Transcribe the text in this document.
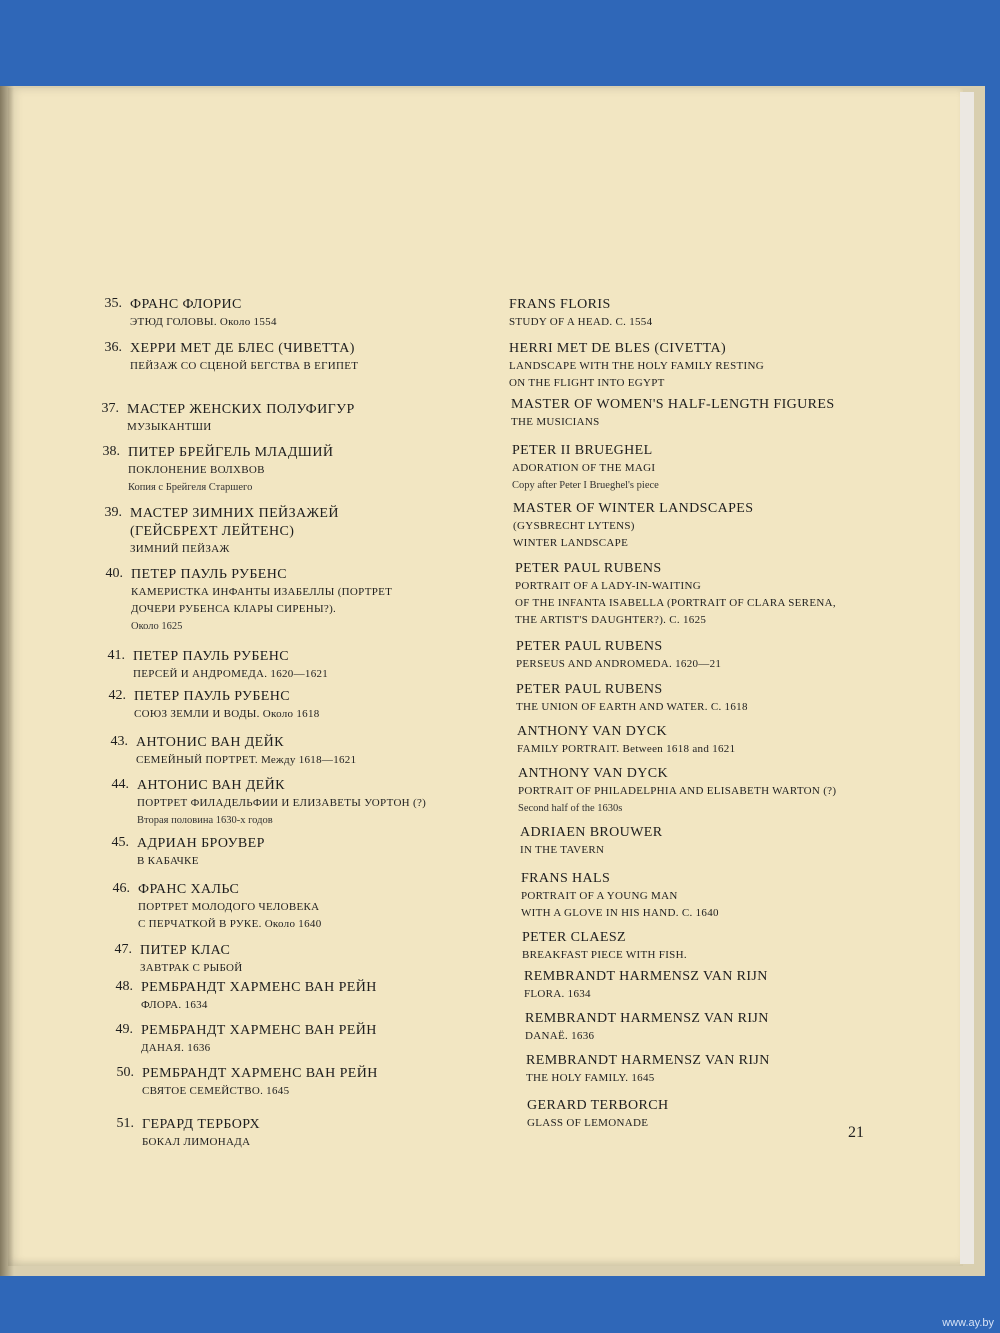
35. ФРАНС ФЛОРИС
ЭТЮД ГОЛОВЫ. Около 1554
36. ХЕРРИ МЕТ ДЕ БЛЕС (ЧИВЕТТА)
ПЕЙЗАЖ СО СЦЕНОЙ БЕГСТВА В ЕГИПЕТ
37. МАСТЕР ЖЕНСКИХ ПОЛУФИГУР
МУЗЫКАНТШИ
38. ПИТЕР БРЕЙГЕЛЬ МЛАДШИЙ
ПОКЛОНЕНИЕ ВОЛХВОВ
Копия с Брейгеля Старшего
39. МАСТЕР ЗИМНИХ ПЕЙЗАЖЕЙ
(ГЕЙСБРЕХТ ЛЕЙТЕНС)
ЗИМНИЙ ПЕЙЗАЖ
40. ПЕТЕР ПАУЛЬ РУБЕНС
КАМЕРИСТКА ИНФАНТЫ ИЗАБЕЛЛЫ (ПОРТРЕТ
ДОЧЕРИ РУБЕНСА КЛАРЫ СИРЕНЫ?).
Около 1625
41. ПЕТЕР ПАУЛЬ РУБЕНС
ПЕРСЕЙ И АНДРОМЕДА. 1620—1621
42. ПЕТЕР ПАУЛЬ РУБЕНС
СОЮЗ ЗЕМЛИ И ВОДЫ. Около 1618
43. АНТОНИС ВАН ДЕЙК
СЕМЕЙНЫЙ ПОРТРЕТ. Между 1618—1621
44. АНТОНИС ВАН ДЕЙК
ПОРТРЕТ ФИЛАДЕЛЬФИИ И ЕЛИЗАВЕТЫ УОРТОН (?)
Вторая половина 1630-х годов
45. АДРИАН БРОУВЕР
В КАБАЧКЕ
46. ФРАНС ХАЛЬС
ПОРТРЕТ МОЛОДОГО ЧЕЛОВЕКА
С ПЕРЧАТКОЙ В РУКЕ. Около 1640
47. ПИТЕР КЛАС
ЗАВТРАК С РЫБОЙ
48. РЕМБРАНДТ ХАРМЕНС ВАН РЕЙН
ФЛОРА. 1634
49. РЕМБРАНДТ ХАРМЕНС ВАН РЕЙН
ДАНАЯ. 1636
50. РЕМБРАНДТ ХАРМЕНС ВАН РЕЙН
СВЯТОЕ СЕМЕЙСТВО. 1645
51. ГЕРАРД ТЕРБОРХ
БОКАЛ ЛИМОНАДА
FRANS FLORIS
STUDY OF A HEAD. C. 1554
HERRI MET DE BLES (CIVETTA)
LANDSCAPE WITH THE HOLY FAMILY RESTING
ON THE FLIGHT INTO EGYPT
MASTER OF WOMEN'S HALF-LENGTH FIGURES
THE MUSICIANS
PETER II BRUEGHEL
ADORATION OF THE MAGI
Copy after Peter I Brueghel's piece
MASTER OF WINTER LANDSCAPES
(GYSBRECHT LYTENS)
WINTER LANDSCAPE
PETER PAUL RUBENS
PORTRAIT OF A LADY-IN-WAITING
OF THE INFANTA ISABELLA (PORTRAIT OF CLARA SERENA,
THE ARTIST'S DAUGHTER?). C. 1625
PETER PAUL RUBENS
PERSEUS AND ANDROMEDA. 1620—21
PETER PAUL RUBENS
THE UNION OF EARTH AND WATER. C. 1618
ANTHONY VAN DYCK
FAMILY PORTRAIT. Between 1618 and 1621
ANTHONY VAN DYCK
PORTRAIT OF PHILADELPHIA AND ELISABETH WARTON (?)
Second half of the 1630s
ADRIAEN BROUWER
IN THE TAVERN
FRANS HALS
PORTRAIT OF A YOUNG MAN
WITH A GLOVE IN HIS HAND. C. 1640
PETER CLAESZ
BREAKFAST PIECE WITH FISH.
REMBRANDT HARMENSZ VAN RIJN
FLORA. 1634
REMBRANDT HARMENSZ VAN RIJN
DANAË. 1636
REMBRANDT HARMENSZ VAN RIJN
THE HOLY FAMILY. 1645
GERARD TERBORCH
GLASS OF LEMONADE
21
www.ay.by
